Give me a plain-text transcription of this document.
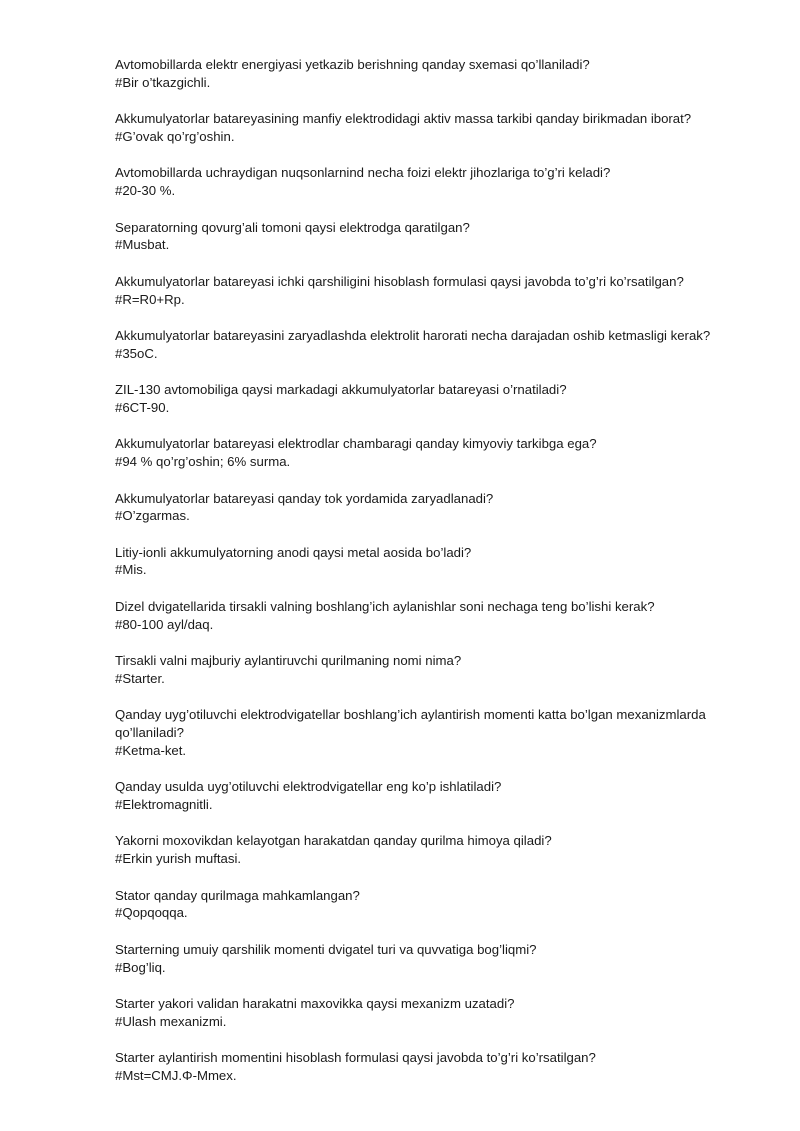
Avtomobillarda elektr energiyasi yetkazib berishning qanday sxemasi qo’llaniladi?
#Bir o’tkazgichli.
Akkumulyatorlar batareyasining manfiy elektrodidagi aktiv massa tarkibi qanday birikmadan iborat?
#G’ovak qo’rg’oshin.
Avtomobillarda uchraydigan nuqsonlarnind necha foizi elektr jihozlariga to’g’ri keladi?
#20-30 %.
Separatorning qovurg’ali tomoni qaysi elektrodga qaratilgan?
#Musbat.
Akkumulyatorlar batareyasi ichki qarshiligini hisoblash formulasi qaysi javobda to’g’ri ko’rsatilgan?
#R=R0+Rp.
Akkumulyatorlar batareyasini zaryadlashda elektrolit harorati necha darajadan oshib ketmasligi kerak?
#35oC.
ZIL-130 avtomobiliga qaysi markadagi akkumulyatorlar batareyasi o’rnatiladi?
#6CT-90.
Akkumulyatorlar batareyasi elektrodlar chambaragi qanday kimyoviy tarkibga ega?
#94 % qo’rg’oshin; 6% surma.
Akkumulyatorlar batareyasi qanday tok yordamida zaryadlanadi?
#O’zgarmas.
Litiy-ionli akkumulyatorning anodi qaysi metal aosida bo’ladi?
#Mis.
Dizel dvigatellarida tirsakli valning boshlang’ich aylanishlar soni nechaga teng bo’lishi kerak?
#80-100 ayl/daq.
Tirsakli valni majburiy aylantiruvchi qurilmaning nomi nima?
#Starter.
Qanday uyg’otiluvchi elektrodvigatellar boshlang’ich aylantirish momenti katta bo’lgan mexanizmlarda qo’llaniladi?
#Ketma-ket.
Qanday usulda uyg’otiluvchi elektrodvigatellar eng ko’p ishlatiladi?
#Elektromagnitli.
Yakorni moxovikdan kelayotgan harakatdan qanday qurilma himoya qiladi?
#Erkin yurish muftasi.
Stator qanday qurilmaga mahkamlangan?
#Qopqoqqa.
Starterning umuiy qarshilik momenti dvigatel turi va quvvatiga bog’liqmi?
#Bog’liq.
Starter yakori validan harakatni maxovikka qaysi mexanizm uzatadi?
#Ulash mexanizmi.
Starter aylantirish momentini hisoblash formulasi qaysi javobda to’g’ri ko’rsatilgan?
#Mst=CMJ.Φ-Mmex.
